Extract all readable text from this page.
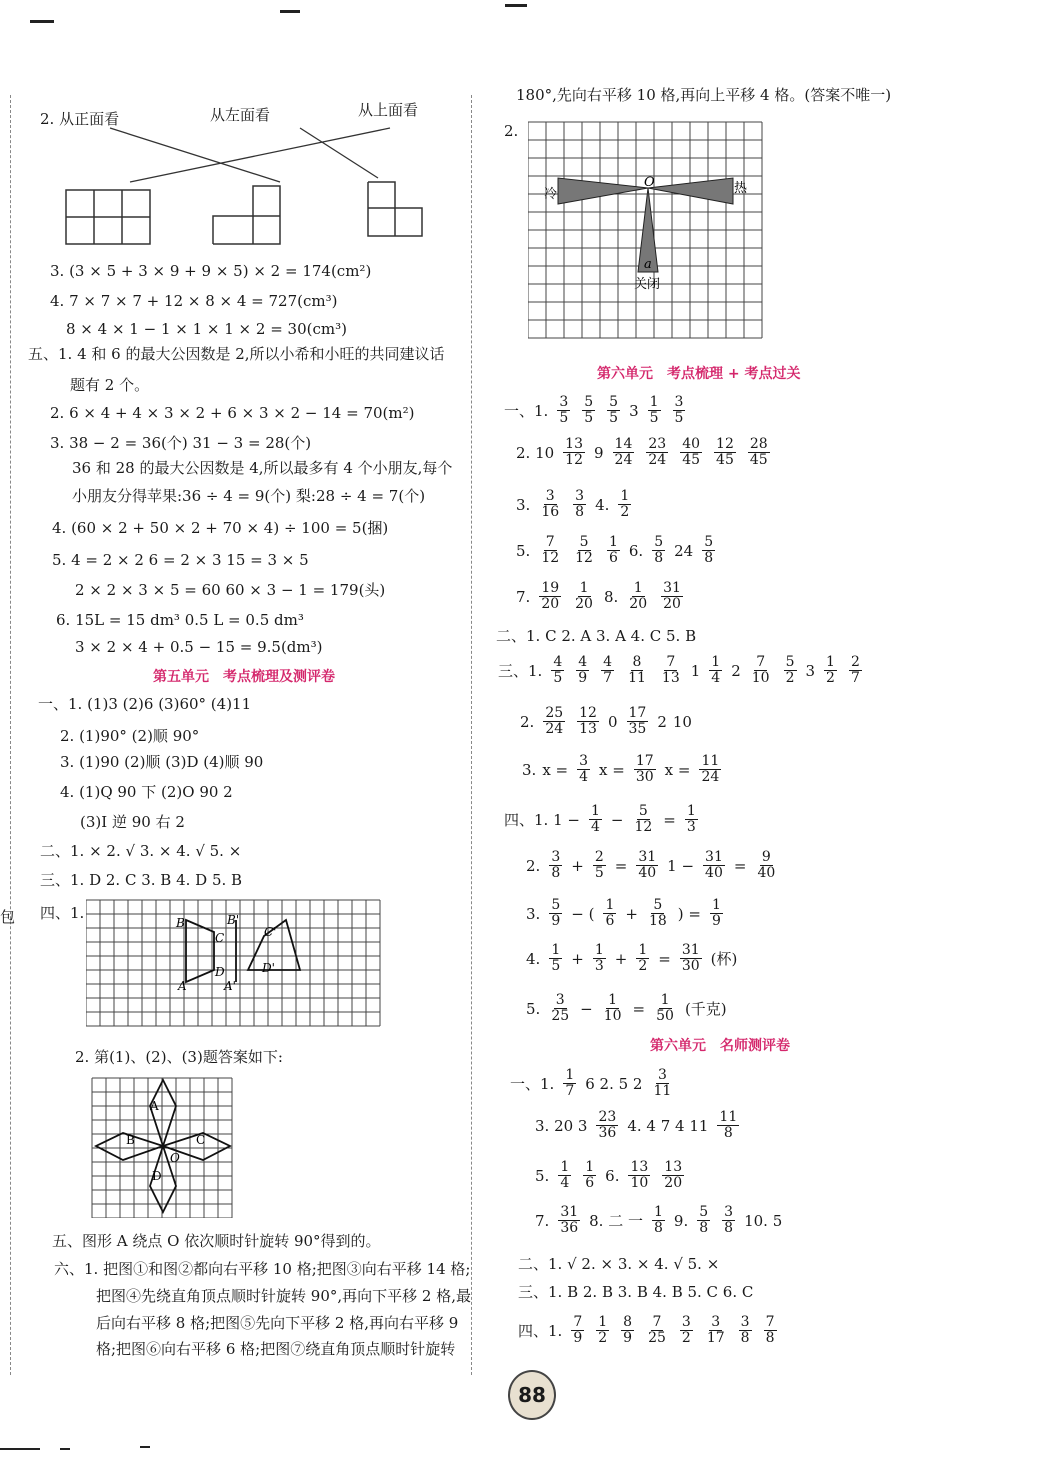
包
2. 从正面看	从左面看	从上面看
3. (3 × 5 + 3 × 9 + 9 × 5) × 2 = 174(cm²)
4. 7 × 7 × 7 + 12 × 8 × 4 = 727(cm³)
8 × 4 × 1 − 1 × 1 × 1 × 2 = 30(cm³)
五、1. 4 和 6 的最大公因数是 2,所以小希和小旺的共同建议话
题有 2 个。
2. 6 × 4 + 4 × 3 × 2 + 6 × 3 × 2 − 14 = 70(m²)
3. 38 − 2 = 36(个) 31 − 3 = 28(个)
36 和 28 的最大公因数是 4,所以最多有 4 个小朋友,每个
小朋友分得苹果:36 ÷ 4 = 9(个) 梨:28 ÷ 4 = 7(个)
4. (60 × 2 + 50 × 2 + 70 × 4) ÷ 100 = 5(捆)
5. 4 = 2 × 2 6 = 2 × 3 15 = 3 × 5
2 × 2 × 3 × 5 = 60 60 × 3 − 1 = 179(头)
6. 15L = 15 dm³ 0.5 L = 0.5 dm³
3 × 2 × 4 + 0.5 − 15 = 9.5(dm³)
第五单元　考点梳理及测评卷
一、1. (1)3 (2)6 (3)60° (4)11
2. (1)90° (2)顺 90°
3. (1)90 (2)顺 (3)D (4)顺 90
4. (1)Q 90 下 (2)O 90 2
(3)I 逆 90 右 2
二、1. × 2. √ 3. × 4. √ 5. ×
三、1. D 2. C 3. B 4. D 5. B
四、1.
B
C
D
A
B'
C'
D'
A'
2. 第(1)、(2)、(3)题答案如下:
A
B	C
D
O
五、图形 A 绕点 O 依次顺时针旋转 90°得到的。
六、1. 把图①和图②都向右平移 10 格;把图③向右平移 14 格;
把图④先绕直角顶点顺时针旋转 90°,再向下平移 2 格,最
后向右平移 8 格;把图⑤先向下平移 2 格,再向右平移 9
格;把图⑥向右平移 6 格;把图⑦绕直角顶点顺时针旋转
180°,先向右平移 10 格,再向上平移 4 格。(答案不唯一)
2.
冷	热
O
a
关闭
第六单元　考点梳理 + 考点过关
一、1. $\frac{3}{5} \frac{5}{5} \frac{5}{5} 3 \frac{1}{5} \frac{3}{5}$
2. $10 \frac{13}{12} 9 \frac{14}{24} \frac{23}{24} \frac{40}{45} \frac{12}{45} \frac{28}{45}$
3. $\frac{3}{16} \frac{3}{8} 4$. $\frac{1}{2}$
5. $\frac{7}{12} \frac{5}{12} \frac{1}{6} 6$. $\frac{5}{8} 24 \frac{5}{8}$
7. $\frac{19}{20} \frac{1}{20} 8$. $\frac{1}{20} \frac{31}{20}$
二、1. C 2. A 3. A 4. C 5. B
三、1. $\frac{4}{5} \frac{4}{9} \frac{4}{7} \frac{8}{11} \frac{7}{13} 1 \frac{1}{4} 2 \frac{7}{10} \frac{5}{2} 3 \frac{1}{2} \frac{2}{7}$
2. $\frac{25}{24} \frac{12}{13} 0 \frac{17}{35} 2$ 10
3. $x = \frac{3}{4}$ $x = \frac{17}{30}$ $x = \frac{11}{24}$
四、1. $1 - \frac{1}{4} - \frac{5}{12} = \frac{1}{3}$
2. $\frac{3}{8} + \frac{2}{5} = \frac{31}{40} 1 - \frac{31}{40} = \frac{9}{40}$
3. $\frac{5}{9}$ − ( $\frac{1}{6} + \frac{5}{18}$ ) = $\frac{1}{9}$
4. $\frac{1}{5} + \frac{1}{3} + \frac{1}{2} = \frac{31}{30}$ (杯)
5. $\frac{3}{25} - \frac{1}{10} = \frac{1}{50}$ (千克)
第六单元　名师测评卷
一、1. $\frac{1}{7} 6$ 2. 5 $2 \frac{3}{11}$
3. 20 $3 \frac{23}{36} 4$. 4 7 4 $11 \frac{11}{8}$
5. $\frac{1}{4} \frac{1}{6} 6$. $\frac{13}{10} \frac{13}{20}$
7. $\frac{31}{36} 8$. 二 一 $\frac{1}{8} 9$. $\frac{5}{8} \frac{3}{8} 10$. 5
二、1. √ 2. × 3. × 4. √ 5. ×
三、1. B 2. B 3. B 4. B 5. C 6. C
四、1. $\frac{7}{9} \frac{1}{2} \frac{8}{9} \frac{7}{25} \frac{3}{2} \frac{3}{17} \frac{3}{8} \frac{7}{8}$
88
